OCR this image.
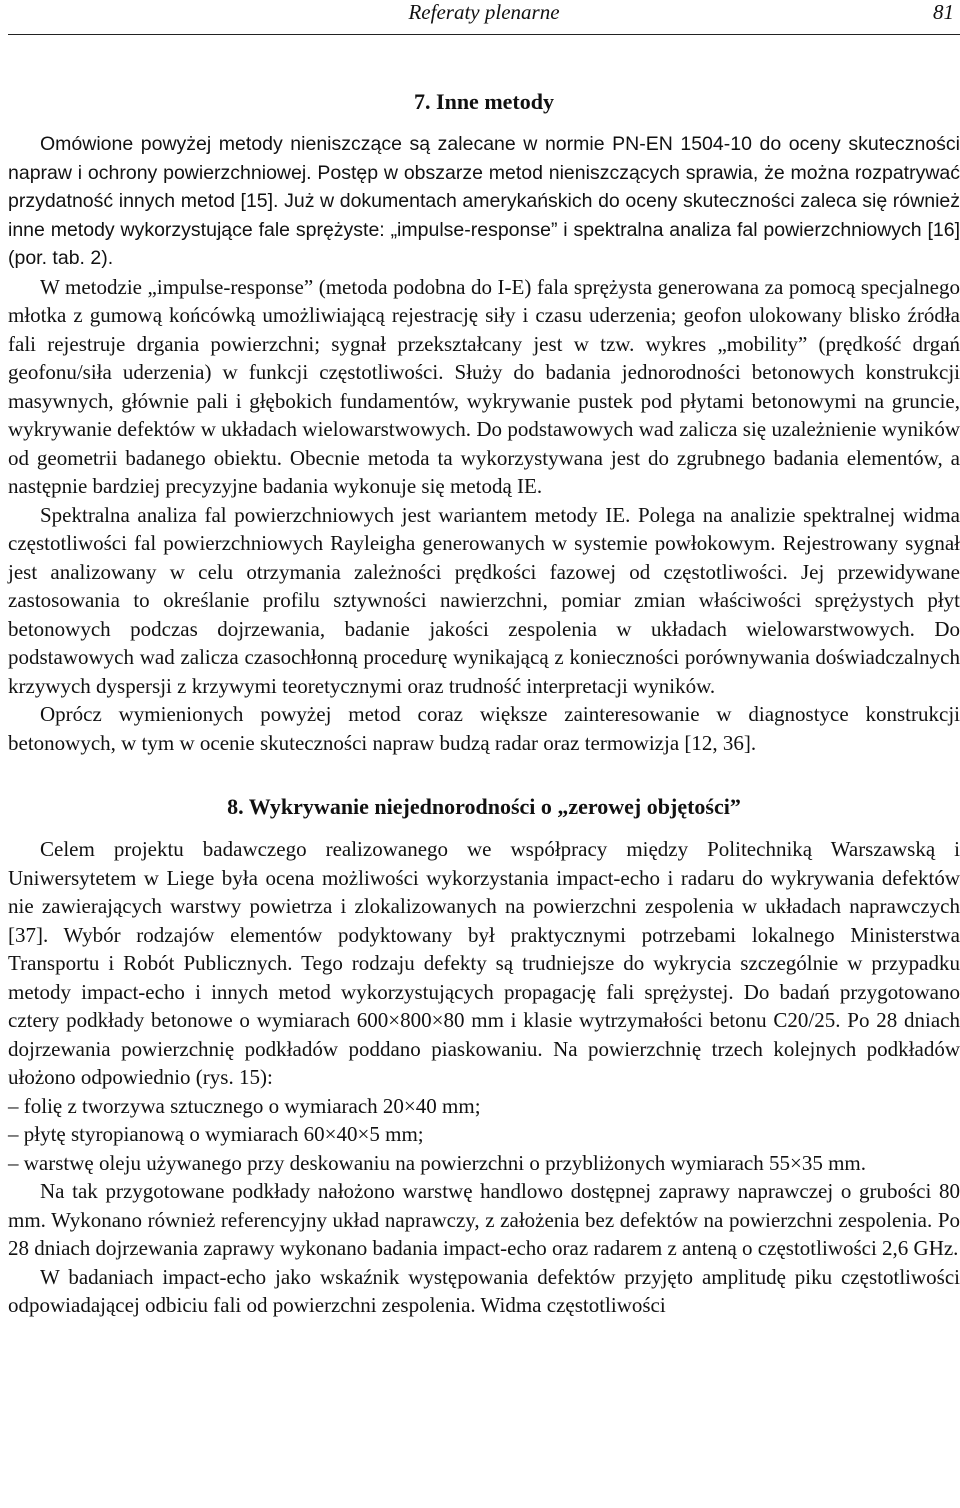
Referaty plenarne	81
7. Inne metody

Omówione powyżej metody nieniszczące są zalecane w normie PN-EN 1504-10 do oceny skuteczności napraw i ochrony powierzchniowej. Postęp w obszarze metod nieniszczących sprawia, że można rozpatrywać przydatność innych metod [15]. Już w dokumentach amerykańskich do oceny skuteczności zaleca się również inne metody wykorzystujące fale sprężyste: „impulse-response” i spektralna analiza fal powierzchniowych [16] (por. tab. 2).

W metodzie „impulse-response” (metoda podobna do I-E) fala sprężysta generowana za pomocą specjalnego młotka z gumową końcówką umożliwiającą rejestrację siły i czasu uderzenia; geofon ulokowany blisko źródła fali rejestruje drgania powierzchni; sygnał przekształcany jest w tzw. wykres „mobility” (prędkość drgań geofonu/siła uderzenia) w funkcji częstotliwości. Służy do badania jednorodności betonowych konstrukcji masywnych, głównie pali i głębokich fundamentów, wykrywanie pustek pod płytami betonowymi na gruncie, wykrywanie defektów w układach wielowarstwowych. Do podstawowych wad zalicza się uzależnienie wyników od geometrii badanego obiektu. Obecnie metoda ta wykorzystywana jest do zgrubnego badania elementów, a następnie bardziej precyzyjne badania wykonuje się metodą IE.

Spektralna analiza fal powierzchniowych jest wariantem metody IE. Polega na analizie spektralnej widma częstotliwości fal powierzchniowych Rayleigha generowanych w systemie powłokowym. Rejestrowany sygnał jest analizowany w celu otrzymania zależności prędkości fazowej od częstotliwości. Jej przewidywane zastosowania to określanie profilu sztywności nawierzchni, pomiar zmian właściwości sprężystych płyt betonowych podczas dojrzewania, badanie jakości zespolenia w układach wielowarstwowych. Do podstawowych wad zalicza czasochłonną procedurę wynikającą z konieczności porównywania doświadczalnych krzywych dyspersji z krzywymi teoretycznymi oraz trudność interpretacji wyników.

Oprócz wymienionych powyżej metod coraz większe zainteresowanie w diagnostyce konstrukcji betonowych, w tym w ocenie skuteczności napraw budzą radar oraz termowizja [12, 36].

8. Wykrywanie niejednorodności o „zerowej objętości”

Celem projektu badawczego realizowanego we współpracy między Politechniką Warszawską i Uniwersytetem w Liege była ocena możliwości wykorzystania impact-echo i radaru do wykrywania defektów nie zawierających warstwy powietrza i zlokalizowanych na powierzchni zespolenia w układach naprawczych [37]. Wybór rodzajów elementów podyktowany był praktycznymi potrzebami lokalnego Ministerstwa Transportu i Robót Publicznych. Tego rodzaju defekty są trudniejsze do wykrycia szczególnie w przypadku metody impact-echo i innych metod wykorzystujących propagację fali sprężystej. Do badań przygotowano cztery podkłady betonowe o wymiarach 600×800×80 mm i klasie wytrzymałości betonu C20/25. Po 28 dniach dojrzewania powierzchnię podkładów poddano piaskowaniu. Na powierzchnię trzech kolejnych podkładów ułożono odpowiednio (rys. 15):

– folię z tworzywa sztucznego o wymiarach 20×40 mm;
– płytę styropianową o wymiarach 60×40×5 mm;
– warstwę oleju używanego przy deskowaniu na powierzchni o przybliżonych wymiarach 55×35 mm.

Na tak przygotowane podkłady nałożono warstwę handlowo dostępnej zaprawy naprawczej o grubości 80 mm. Wykonano również referencyjny układ naprawczy, z założenia bez defektów na powierzchni zespolenia. Po 28 dniach dojrzewania zaprawy wykonano badania impact-echo oraz radarem z anteną o częstotliwości 2,6 GHz.

W badaniach impact-echo jako wskaźnik występowania defektów przyjęto amplitudę piku częstotliwości odpowiadającej odbiciu fali od powierzchni zespolenia. Widma częstotliwości
